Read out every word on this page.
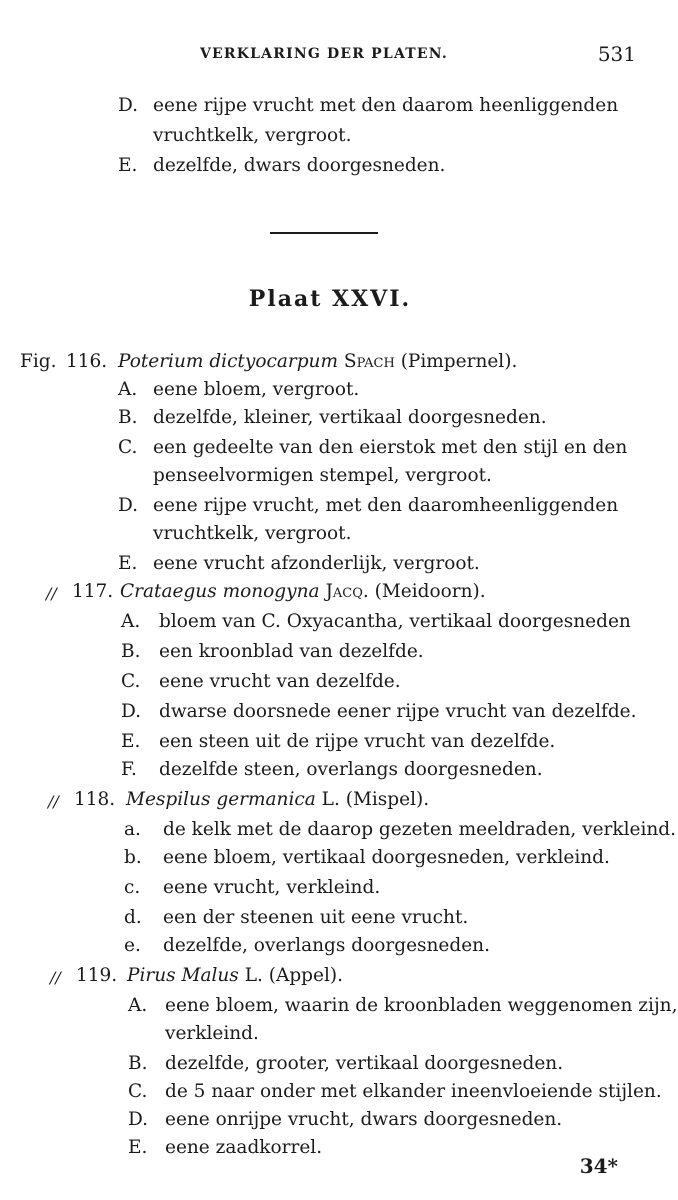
VERKLARING DER PLATEN.	531
D. eene rijpe vrucht met den daarom heenliggenden
vruchtkelk, vergroot.
E. dezelfde, dwars doorgesneden.
Plaat XXVI.
Fig. 116. Poterium dictyocarpum Spach (Pimpernel).
A. eene bloem, vergroot.
B. dezelfde, kleiner, vertikaal doorgesneden.
C. een gedeelte van den eierstok met den stijl en den
penseelvormigen stempel, vergroot.
D. eene rijpe vrucht, met den daaromheenliggenden
vruchtkelk, vergroot.
E. eene vrucht afzonderlijk, vergroot.
// 117. Crataegus monogyna Jacq. (Meidoorn).
A. bloem van C. Oxyacantha, vertikaal doorgesneden
B. een kroonblad van dezelfde.
C. eene vrucht van dezelfde.
D. dwarse doorsnede eener rijpe vrucht van dezelfde.
E. een steen uit de rijpe vrucht van dezelfde.
F. dezelfde steen, overlangs doorgesneden.
// 118. Mespilus germanica L. (Mispel).
a. de kelk met de daarop gezeten meeldraden, verkleind.
b. eene bloem, vertikaal doorgesneden, verkleind.
c. eene vrucht, verkleind.
d. een der steenen uit eene vrucht.
e. dezelfde, overlangs doorgesneden.
// 119. Pirus Malus L. (Appel).
A. eene bloem, waarin de kroonbladen weggenomen zijn,
verkleind.
B. dezelfde, grooter, vertikaal doorgesneden.
C. de 5 naar onder met elkander ineenvloeiende stijlen.
D. eene onrijpe vrucht, dwars doorgesneden.
E. eene zaadkorrel.
34*
